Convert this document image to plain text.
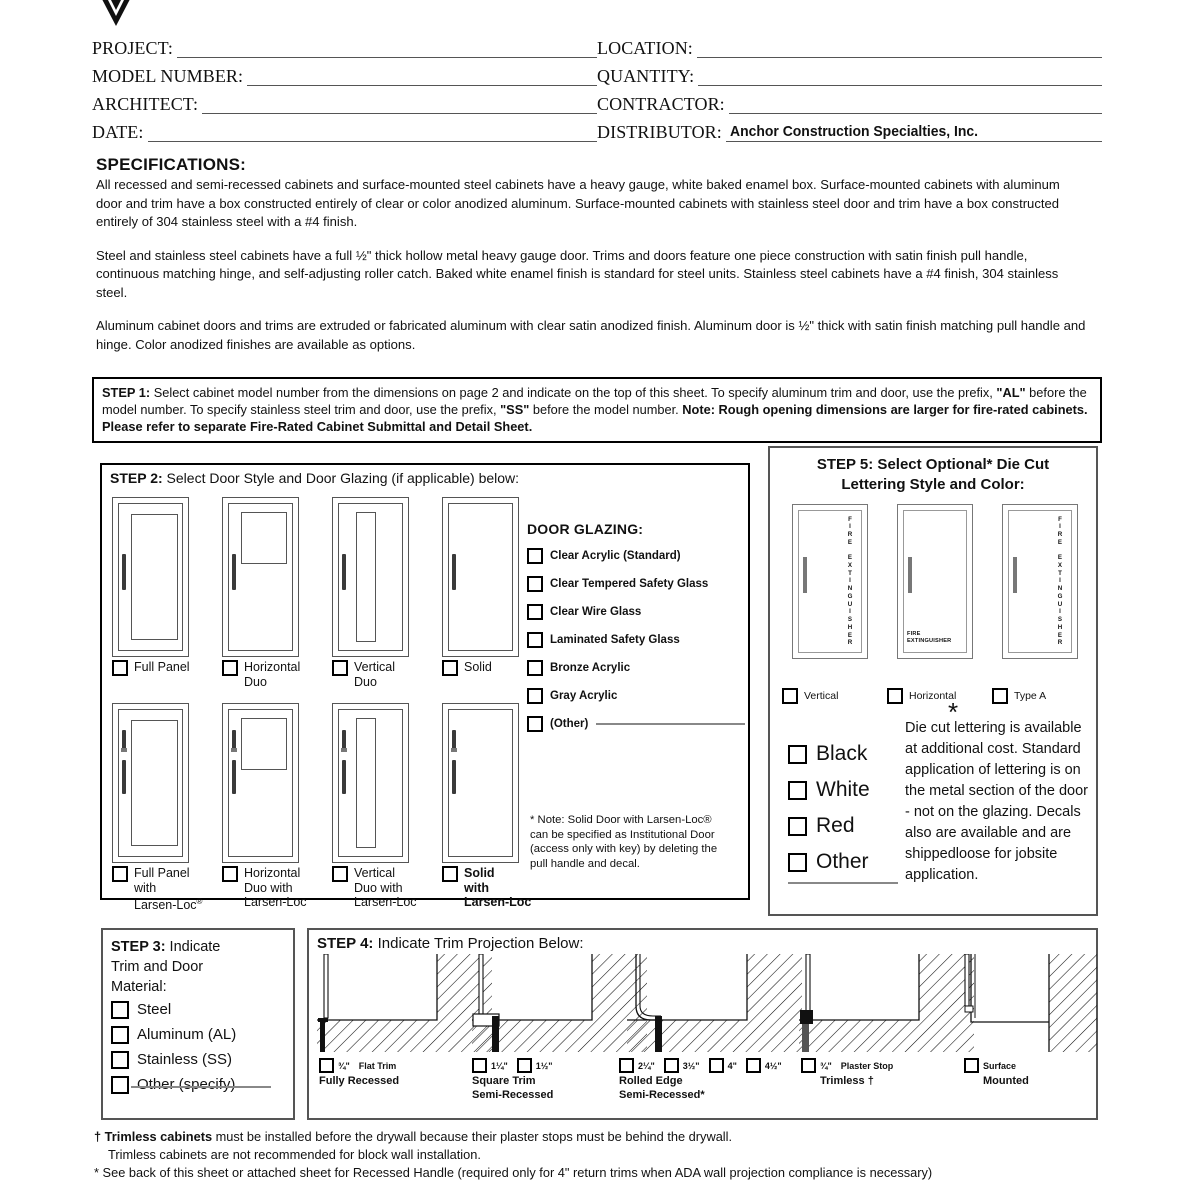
PROJECT:	LOCATION:
MODEL NUMBER:	QUANTITY:
ARCHITECT:	CONTRACTOR:
DATE:	DISTRIBUTOR: Anchor Construction Specialties, Inc.
SPECIFICATIONS:

All recessed and semi-recessed cabinets and surface-mounted steel cabinets have a heavy gauge, white baked enamel box. Surface-mounted cabinets with aluminum door and trim have a box constructed entirely of clear or color anodized aluminum. Surface-mounted cabinets with stainless steel door and trim have a box constructed entirely of 304 stainless steel with a #4 finish.

Steel and stainless steel cabinets have a full ½" thick hollow metal heavy gauge door. Trims and doors feature one piece construction with satin finish pull handle, continuous matching hinge, and self-adjusting roller catch. Baked white enamel finish is standard for steel units. Stainless steel cabinets have a #4 finish, 304 stainless steel.

Aluminum cabinet doors and trims are extruded or fabricated aluminum with clear satin anodized finish. Aluminum door is ½" thick with satin finish matching pull handle and hinge. Color anodized finishes are available as options.

STEP 1: Select cabinet model number from the dimensions on page 2 and indicate on the top of this sheet. To specify aluminum trim and door, use the prefix, "AL" before the model number. To specify stainless steel trim and door, use the prefix, "SS" before the model number. Note: Rough opening dimensions are larger for fire-rated cabinets. Please refer to separate Fire-Rated Cabinet Submittal and Detail Sheet.
STEP 2: Select Door Style and Door Glazing (if applicable) below:
Full Panel	Horizontal
Duo
Vertical
Duo
Solid
Full Panel
with
Larsen-Loc®
Horizontal
Duo with
Larsen-Loc
Vertical
Duo with
Larsen-Loc
Solid
with
Larsen-Loc
DOOR GLAZING:
Clear Acrylic (Standard)
Clear Tempered Safety Glass
Clear Wire Glass
Laminated Safety Glass
Bronze Acrylic
Gray Acrylic
(Other)
* Note: Solid Door with Larsen-Loc® can be specified as Institutional Door (access only with key) by deleting the pull handle and decal.
STEP 5: Select Optional* Die Cut
Lettering Style and Color:
F
I
R
E

E
X
T
I
N
G
U
I
S
H
E
R
FIRE
EXTINGUISHER
F
I
R
E

E
X
T
I
N
G
U
I
S
H
E
R
Vertical	Horizontal	Type A
*
Black
White
Red
Other
Die cut lettering is available at additional cost. Standard application of lettering is on the metal section of the door - not on the glazing. Decals also are available and are shippedloose for jobsite application.
STEP 3: Indicate
Trim and Door
Material:
Steel
Aluminum (AL)
Stainless (SS)
Other (specify)
STEP 4: Indicate Trim Projection Below:
¾" Flat Trim
Fully Recessed
1¼"	1½"
Square Trim
Semi-Recessed
2¼"	3½"	4"	4½"
Rolled Edge
Semi-Recessed*
¾" Plaster Stop
Trimless †
Surface
Mounted
† Trimless cabinets must be installed before the drywall because their plaster stops must be behind the drywall.
Trimless cabinets are not recommended for block wall installation.
* See back of this sheet or attached sheet for Recessed Handle (required only for 4" return trims when ADA wall projection compliance is necessary)
